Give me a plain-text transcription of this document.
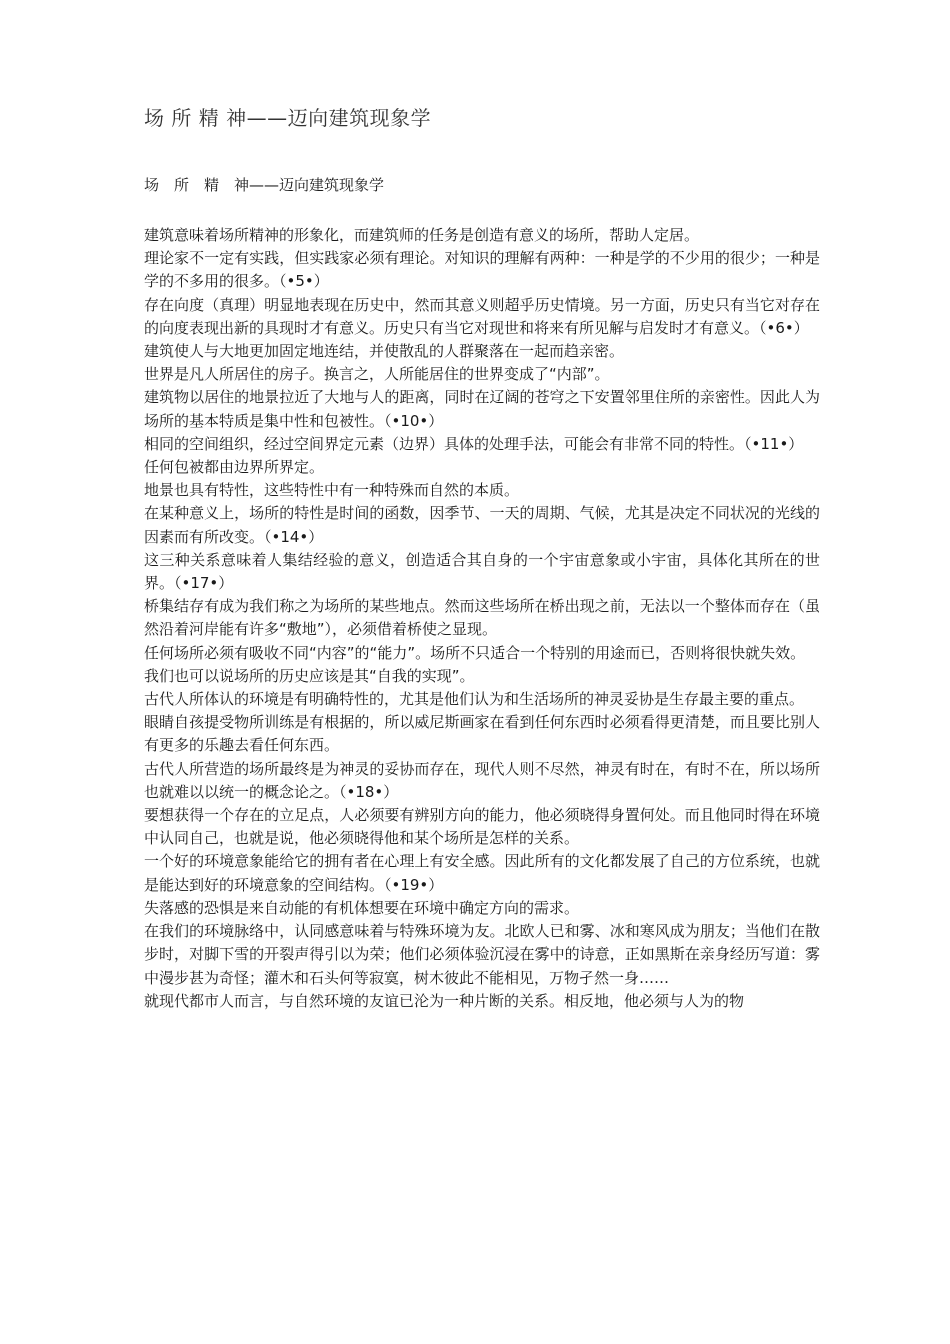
场 所 精 神——迈向建筑现象学
场　所　精　神——迈向建筑现象学

建筑意味着场所精神的形象化，而建筑师的任务是创造有意义的场所，帮助人定居。

理论家不一定有实践，但实践家必须有理论。对知识的理解有两种：一种是学的不少用的很少；一种是学的不多用的很多。（•5•）

存在向度（真理）明显地表现在历史中，然而其意义则超乎历史情境。另一方面，历史只有当它对存在的向度表现出新的具现时才有意义。历史只有当它对现世和将来有所见解与启发时才有意义。（•6•）

建筑使人与大地更加固定地连结，并使散乱的人群聚落在一起而趋亲密。

世界是凡人所居住的房子。换言之，人所能居住的世界变成了“内部”。

建筑物以居住的地景拉近了大地与人的距离，同时在辽阔的苍穹之下安置邻里住所的亲密性。因此人为场所的基本特质是集中性和包被性。（•10•）

相同的空间组织，经过空间界定元素（边界）具体的处理手法，可能会有非常不同的特性。（•11•）

任何包被都由边界所界定。

地景也具有特性，这些特性中有一种特殊而自然的本质。

在某种意义上，场所的特性是时间的函数，因季节、一天的周期、气候，尤其是决定不同状况的光线的因素而有所改变。（•14•）

这三种关系意味着人集结经验的意义，创造适合其自身的一个宇宙意象或小宇宙，具体化其所在的世界。（•17•）

桥集结存有成为我们称之为场所的某些地点。然而这些场所在桥出现之前，无法以一个整体而存在（虽然沿着河岸能有许多“敷地”），必须借着桥使之显现。

任何场所必须有吸收不同“内容”的“能力”。场所不只适合一个特别的用途而已，否则将很快就失效。

我们也可以说场所的历史应该是其“自我的实现”。

古代人所体认的环境是有明确特性的，尤其是他们认为和生活场所的神灵妥协是生存最主要的重点。

眼睛自孩提受物所训练是有根据的，所以威尼斯画家在看到任何东西时必须看得更清楚，而且要比别人有更多的乐趣去看任何东西。

古代人所营造的场所最终是为神灵的妥协而存在，现代人则不尽然，神灵有时在，有时不在，所以场所也就难以以统一的概念论之。（•18•）

要想获得一个存在的立足点，人必须要有辨别方向的能力，他必须晓得身置何处。而且他同时得在环境中认同自己，也就是说，他必须晓得他和某个场所是怎样的关系。

一个好的环境意象能给它的拥有者在心理上有安全感。因此所有的文化都发展了自己的方位系统，也就是能达到好的环境意象的空间结构。（•19•）

失落感的恐惧是来自动能的有机体想要在环境中确定方向的需求。

在我们的环境脉络中，认同感意味着与特殊环境为友。北欧人已和雾、冰和寒风成为朋友；当他们在散步时，对脚下雪的开裂声得引以为荣；他们必须体验沉浸在雾中的诗意，正如黑斯在亲身经历写道：雾中漫步甚为奇怪；灌木和石头何等寂寞，树木彼此不能相见，万物孑然一身……

就现代都市人而言，与自然环境的友谊已沦为一种片断的关系。相反地，他必须与人为的物
